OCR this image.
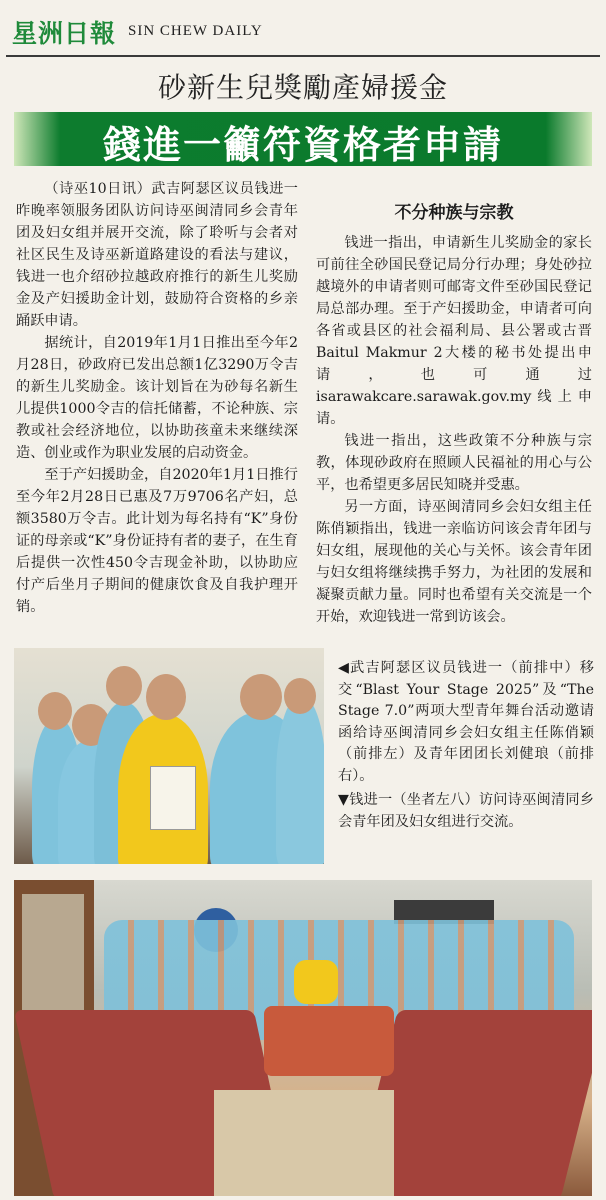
星洲日報 SIN CHEW DAILY
砂新生兒獎勵產婦援金
錢進一籲符資格者申請

（诗巫10日讯）武吉阿瑟区议员钱进一昨晚率领服务团队访问诗巫闽清同乡会青年团及妇女组并展开交流，除了聆听与会者对社区民生及诗巫新道路建设的看法与建议，钱进一也介绍砂拉越政府推行的新生儿奖励金及产妇援助金计划，鼓励符合资格的乡亲踊跃申请。

据统计，自2019年1月1日推出至今年2月28日，砂政府已发出总额1亿3290万令吉的新生儿奖励金。该计划旨在为砂每名新生儿提供1000令吉的信托储蓄，不论种族、宗教或社会经济地位，以协助孩童未来继续深造、创业或作为职业发展的启动资金。

至于产妇援助金，自2020年1月1日推行至今年2月28日已惠及7万9706名产妇，总额3580万令吉。此计划为每名持有“K”身份证的母亲或“K”身份证持有者的妻子，在生育后提供一次性450令吉现金补助，以协助应付产后坐月子期间的健康饮食及自我护理开销。

不分种族与宗教

钱进一指出，申请新生儿奖励金的家长可前往全砂国民登记局分行办理；身处砂拉越境外的申请者则可邮寄文件至砂国民登记局总部办理。至于产妇援助金，申请者可向各省或县区的社会福利局、县公署或古晋Baitul Makmur 2大楼的秘书处提出申请，也可通过isarawakcare.sarawak.gov.my线上申请。

钱进一指出，这些政策不分种族与宗教，体现砂政府在照顾人民福祉的用心与公平，也希望更多居民知晓并受惠。

另一方面，诗巫闽清同乡会妇女组主任陈俏颖指出，钱进一亲临访问该会青年团与妇女组，展现他的关心与关怀。该会青年团与妇女组将继续携手努力，为社团的发展和凝聚贡献力量。同时也希望有关交流是一个开始，欢迎钱进一常到访该会。

◀武吉阿瑟区议员钱进一（前排中）移交“Blast Your Stage 2025”及“The Stage 7.0”两项大型青年舞台活动邀请函给诗巫闽清同乡会妇女组主任陈俏颖（前排左）及青年团团长刘健琅（前排右）。

▼钱进一（坐者左八）访问诗巫闽清同乡会青年团及妇女组进行交流。
